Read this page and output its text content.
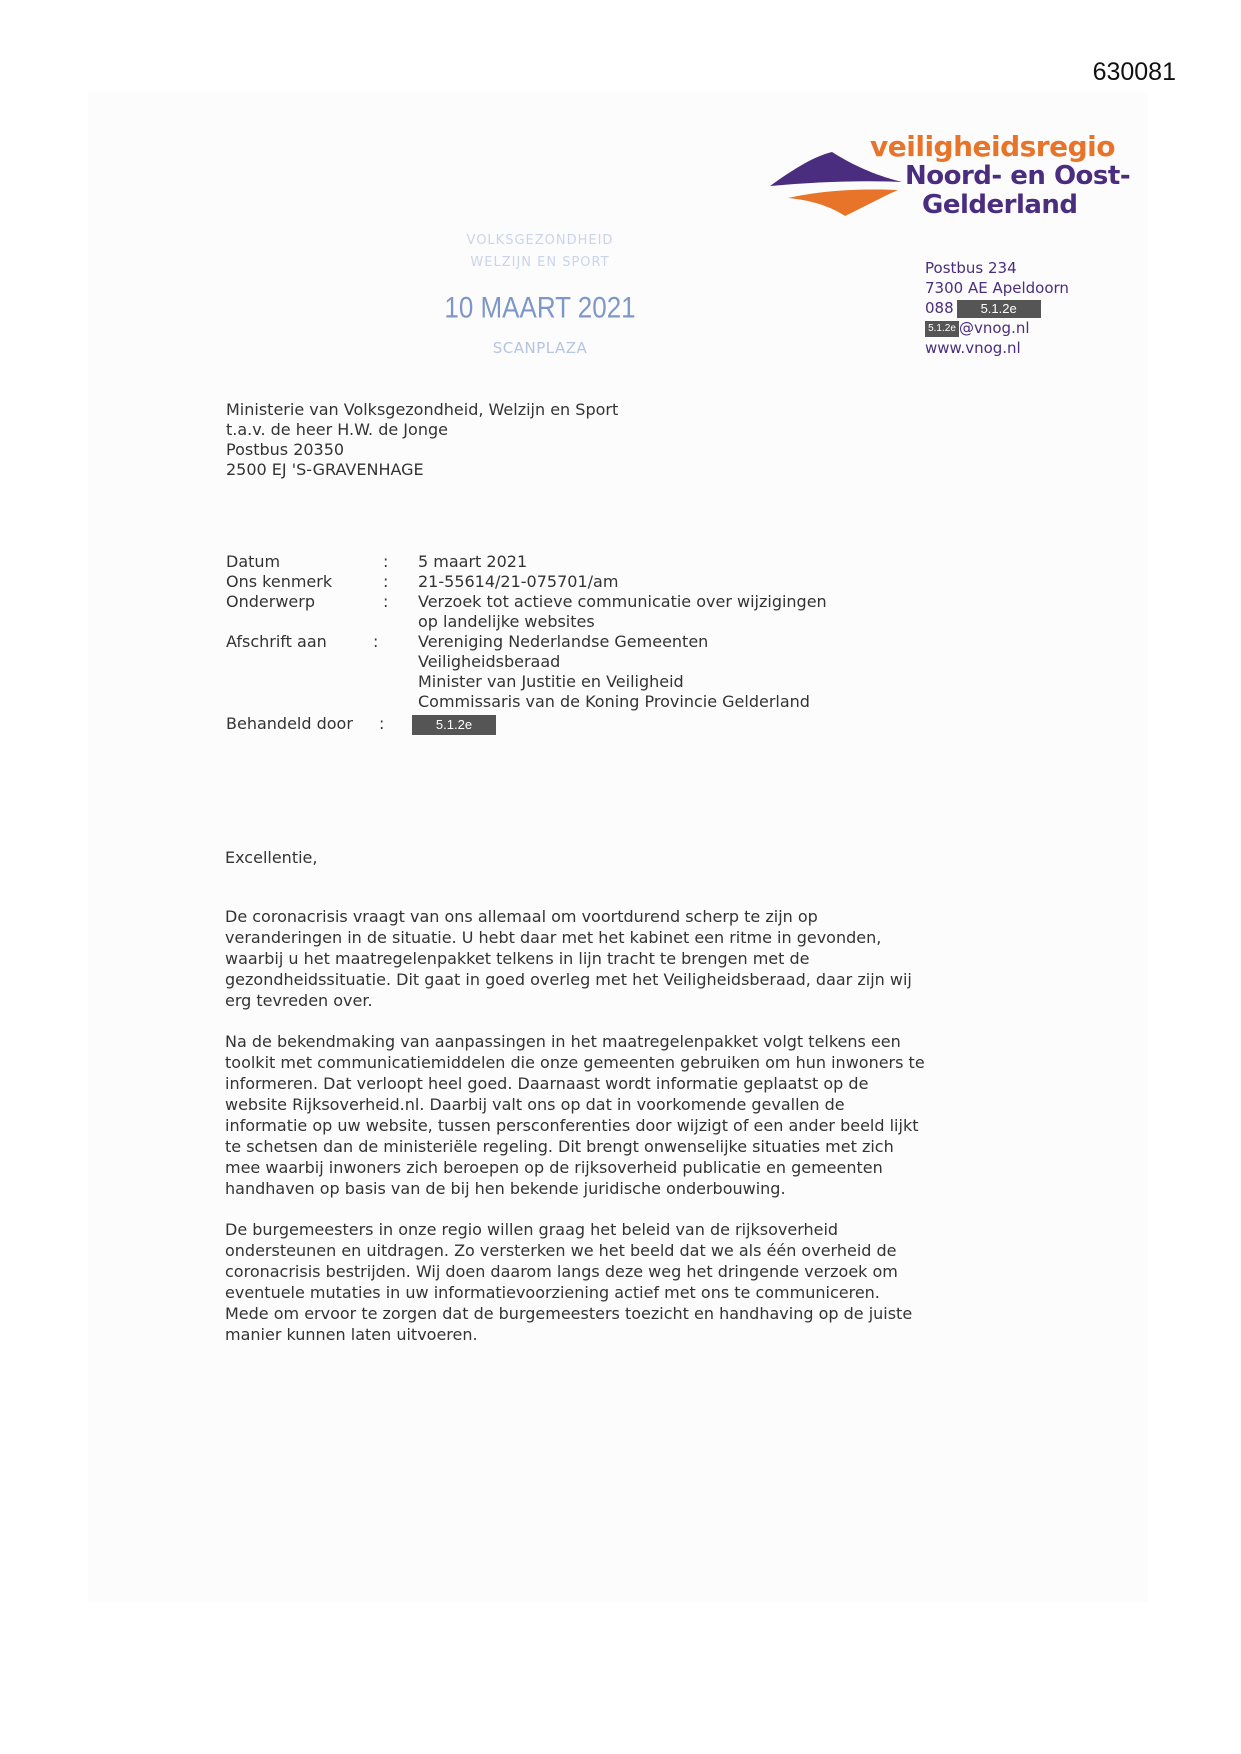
630081
veiligheidsregio
Noord- en Oost-
Gelderland
Postbus 234
7300 AE Apeldoorn
088 5.1.2e
5.1.2e @vnog.nl
www.vnog.nl
VOLKSGEZONDHEID
WELZIJN EN SPORT
10 MAART 2021
SCANPLAZA
Ministerie van Volksgezondheid, Welzijn en Sport
t.a.v. de heer H.W. de Jonge
Postbus 20350
2500 EJ 'S-GRAVENHAGE
Datum	: 5 maart 2021
Ons kenmerk	: 21-55614/21-075701/am
Onderwerp	: Verzoek tot actieve communicatie over wijzigingen
op landelijke websites
Afschrift aan	: Vereniging Nederlandse Gemeenten
Veiligheidsberaad
Minister van Justitie en Veiligheid
Commissaris van de Koning Provincie Gelderland
Behandeld door :	5.1.2e

Excellentie,

De coronacrisis vraagt van ons allemaal om voortdurend scherp te zijn op
veranderingen in de situatie. U hebt daar met het kabinet een ritme in gevonden,
waarbij u het maatregelenpakket telkens in lijn tracht te brengen met de
gezondheidssituatie. Dit gaat in goed overleg met het Veiligheidsberaad, daar zijn wij
erg tevreden over.

Na de bekendmaking van aanpassingen in het maatregelenpakket volgt telkens een
toolkit met communicatiemiddelen die onze gemeenten gebruiken om hun inwoners te
informeren. Dat verloopt heel goed. Daarnaast wordt informatie geplaatst op de
website Rijksoverheid.nl. Daarbij valt ons op dat in voorkomende gevallen de
informatie op uw website, tussen persconferenties door wijzigt of een ander beeld lijkt
te schetsen dan de ministeriële regeling. Dit brengt onwenselijke situaties met zich
mee waarbij inwoners zich beroepen op de rijksoverheid publicatie en gemeenten
handhaven op basis van de bij hen bekende juridische onderbouwing.

De burgemeesters in onze regio willen graag het beleid van de rijksoverheid
ondersteunen en uitdragen. Zo versterken we het beeld dat we als één overheid de
coronacrisis bestrijden. Wij doen daarom langs deze weg het dringende verzoek om
eventuele mutaties in uw informatievoorziening actief met ons te communiceren.
Mede om ervoor te zorgen dat de burgemeesters toezicht en handhaving op de juiste
manier kunnen laten uitvoeren.
